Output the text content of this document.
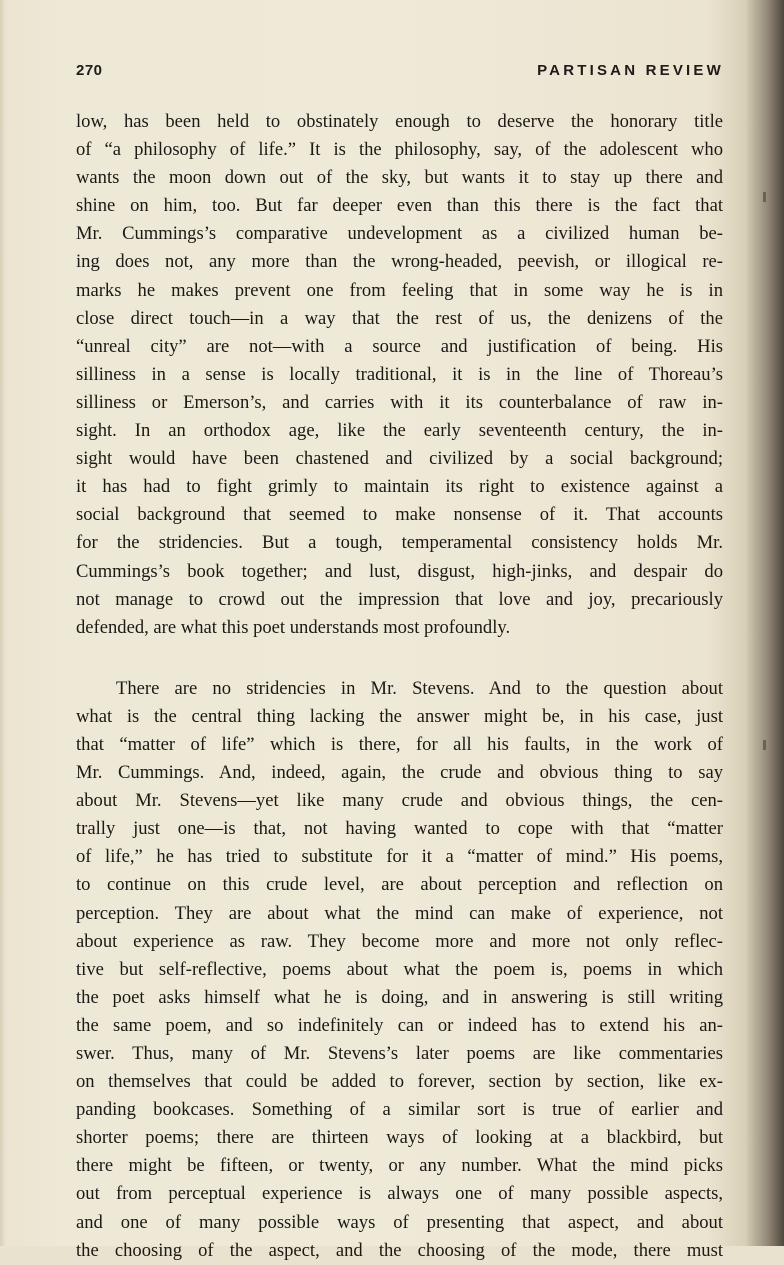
270	PARTISAN REVIEW
low, has been held to obstinately enough to deserve the honorary title
of “a philosophy of life.” It is the philosophy, say, of the adolescent who
wants the moon down out of the sky, but wants it to stay up there and
shine on him, too. But far deeper even than this there is the fact that
Mr. Cummings’s comparative undevelopment as a civilized human be-
ing does not, any more than the wrong-headed, peevish, or illogical re-
marks he makes prevent one from feeling that in some way he is in
close direct touch—in a way that the rest of us, the denizens of the
“unreal city” are not—with a source and justification of being. His
silliness in a sense is locally traditional, it is in the line of Thoreau’s
silliness or Emerson’s, and carries with it its counterbalance of raw in-
sight. In an orthodox age, like the early seventeenth century, the in-
sight would have been chastened and civilized by a social background;
it has had to fight grimly to maintain its right to existence against a
social background that seemed to make nonsense of it. That accounts
for the stridencies. But a tough, temperamental consistency holds Mr.
Cummings’s book together; and lust, disgust, high-jinks, and despair do
not manage to crowd out the impression that love and joy, precariously
defended, are what this poet understands most profoundly.
There are no stridencies in Mr. Stevens. And to the question about
what is the central thing lacking the answer might be, in his case, just
that “matter of life” which is there, for all his faults, in the work of
Mr. Cummings. And, indeed, again, the crude and obvious thing to say
about Mr. Stevens—yet like many crude and obvious things, the cen-
trally just one—is that, not having wanted to cope with that “matter
of life,” he has tried to substitute for it a “matter of mind.” His poems,
to continue on this crude level, are about perception and reflection on
perception. They are about what the mind can make of experience, not
about experience as raw. They become more and more not only reflec-
tive but self-reflective, poems about what the poem is, poems in which
the poet asks himself what he is doing, and in answering is still writing
the same poem, and so indefinitely can or indeed has to extend his an-
swer. Thus, many of Mr. Stevens’s later poems are like commentaries
on themselves that could be added to forever, section by section, like ex-
panding bookcases. Something of a similar sort is true of earlier and
shorter poems; there are thirteen ways of looking at a blackbird, but
there might be fifteen, or twenty, or any number. What the mind picks
out from perceptual experience is always one of many possible aspects,
and one of many possible ways of presenting that aspect, and about
the choosing of the aspect, and the choosing of the mode, there must
